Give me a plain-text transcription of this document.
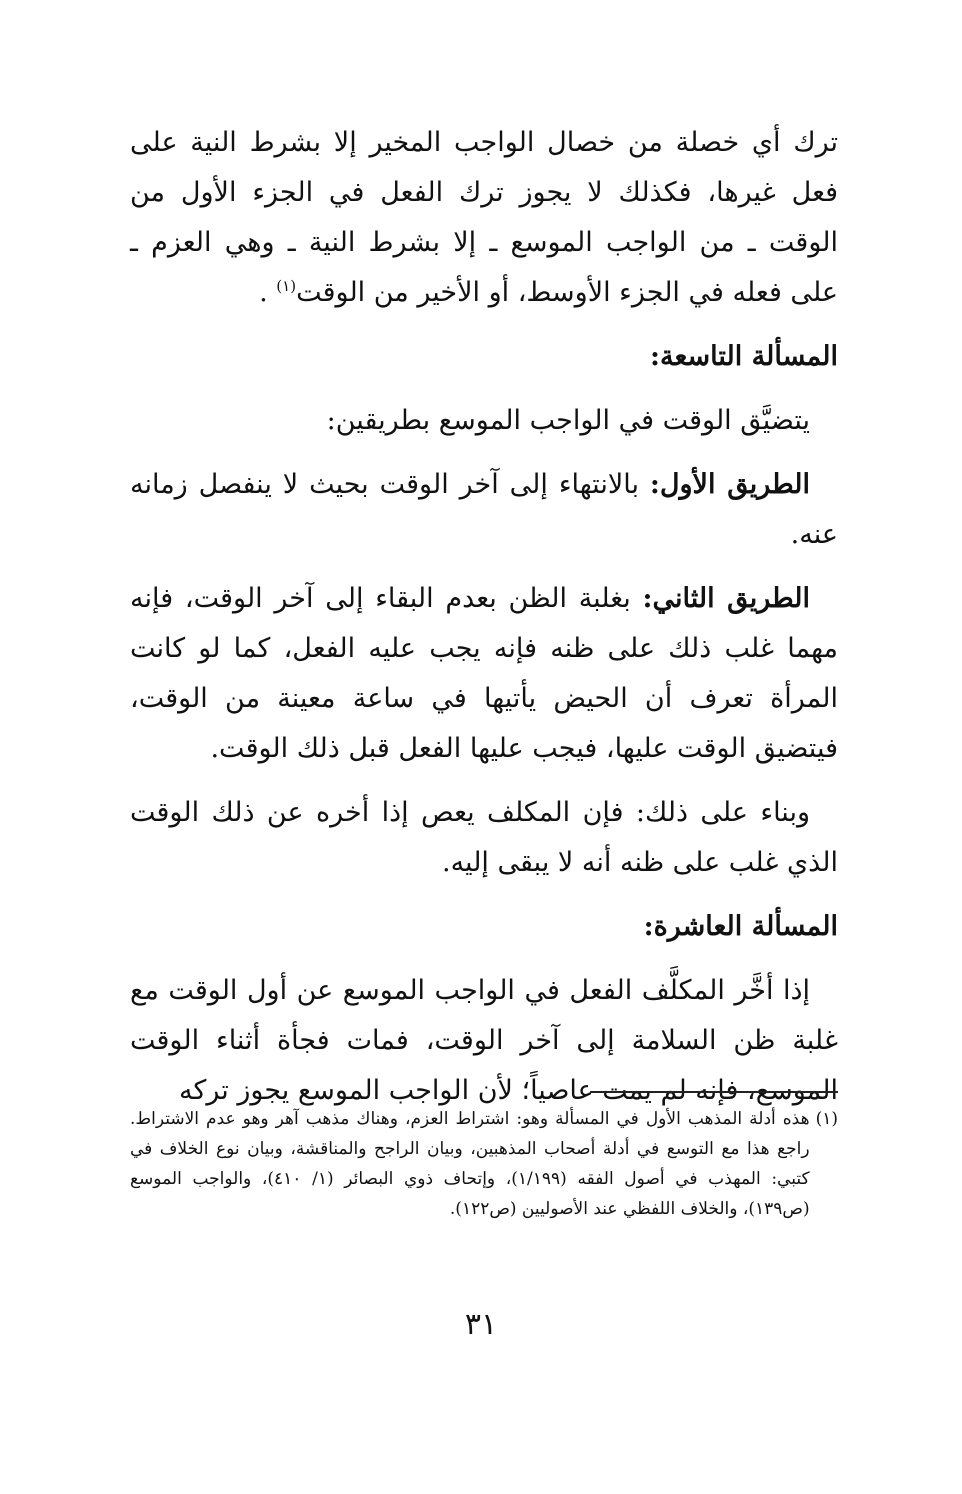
ترك أي خصلة من خصال الواجب المخير إلا بشرط النية على فعل غيرها، فكذلك لا يجوز ترك الفعل في الجزء الأول من الوقت ـ من الواجب الموسع ـ إلا بشرط النية ـ وهي العزم ـ على فعله في الجزء الأوسط، أو الأخير من الوقت$^{(١)}$ .

المسألة التاسعة:

يتضيَّق الوقت في الواجب الموسع بطريقين:

الطريق الأول: بالانتهاء إلى آخر الوقت بحيث لا ينفصل زمانه عنه.

الطريق الثاني: بغلبة الظن بعدم البقاء إلى آخر الوقت، فإنه مهما غلب ذلك على ظنه فإنه يجب عليه الفعل، كما لو كانت المرأة تعرف أن الحيض يأتيها في ساعة معينة من الوقت، فيتضيق الوقت عليها، فيجب عليها الفعل قبل ذلك الوقت.

وبناء على ذلك: فإن المكلف يعص إذا أخره عن ذلك الوقت الذي غلب على ظنه أنه لا يبقى إليه.

المسألة العاشرة:

إذا أخَّر المكلَّف الفعل في الواجب الموسع عن أول الوقت مع غلبة ظن السلامة إلى آخر الوقت، فمات فجأة أثناء الوقت الموسع، فإنه لم يمت عاصياً؛ لأن الواجب الموسع يجوز تركه

(١)
هذه أدلة المذهب الأول في المسألة وهو: اشتراط العزم، وهناك مذهب آهر وهو عدم الاشتراط. راجع هذا مع التوسع في أدلة أصحاب المذهبين، وبيان الراجح والمناقشة، وبيان نوع الخلاف في كتبي: المهذب في أصول الفقه (١/١٩٩)، وإتحاف ذوي البصائر (١/ ٤١٠)، والواجب الموسع (ص١٣٩)، والخلاف اللفظي عند الأصوليين (ص١٢٢).
٣١
